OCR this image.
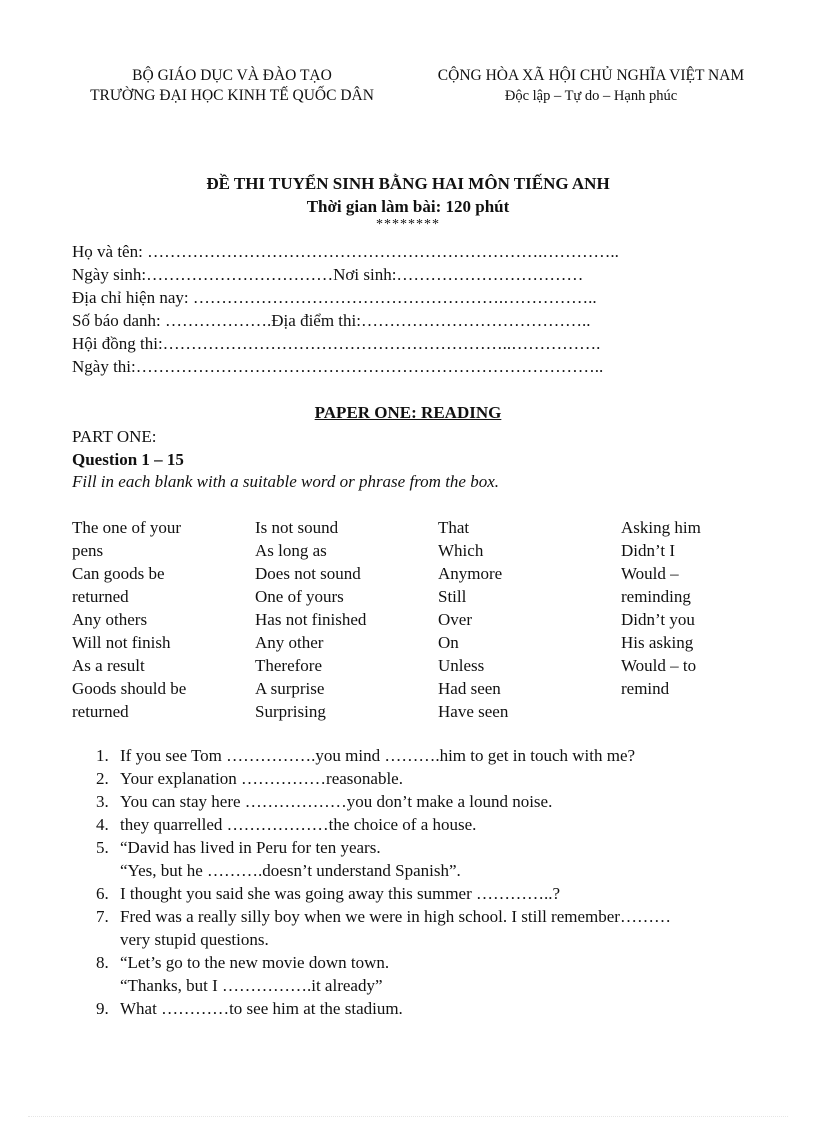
BỘ GIÁO DỤC VÀ ĐÀO TẠO
TRƯỜNG ĐẠI HỌC KINH TẾ QUỐC DÂN
CỘNG HÒA XÃ HỘI CHỦ NGHĨA VIỆT NAM
Độc lập – Tự do – Hạnh phúc
ĐỀ THI TUYỂN SINH BẰNG HAI MÔN TIẾNG ANH
Thời gian làm bài: 120 phút
********
Họ và tên: …………………………………………………………….…………..
Ngày sinh:……………………………Nơi sinh:……………………………
Địa chỉ hiện nay: ……………………………………………….……………..
Số báo danh: ……………….Địa điểm thi:…………………………………..
Hội đồng thi:……………………………………………………..…………….
Ngày thi:………………………………………………………………………..
PAPER ONE: READING
PART ONE:
Question 1 – 15
Fill in each blank with a suitable word or phrase from the box.
The one of your
pens
Can goods be
returned
Any others
Will not finish
As a result
Goods should be
returned
Is not sound
As long as
Does not sound
One of yours
Has not finished
Any other
Therefore
A surprise
Surprising
That
Which
Anymore
Still
Over
On
Unless
Had seen
Have seen
Asking him
Didn’t I
Would –
reminding
Didn’t you
His asking
Would – to
remind
1. If you see Tom …………….you mind ……….him to get in touch with me?
2. Your explanation ……………reasonable.
3. You can stay here ………………you don’t make a lound noise.
4. they quarrelled ………………the choice of a house.
5. “David has lived in Peru for ten years.
“Yes, but he ……….doesn’t understand Spanish”.
6. I thought you said she was going away this summer …………..?
7. Fred was a really silly boy when we were in high school. I still remember………
very stupid questions.
8. “Let’s go to the new movie down town.
“Thanks, but I …………….it already”
9. What …………to see him at the stadium.
